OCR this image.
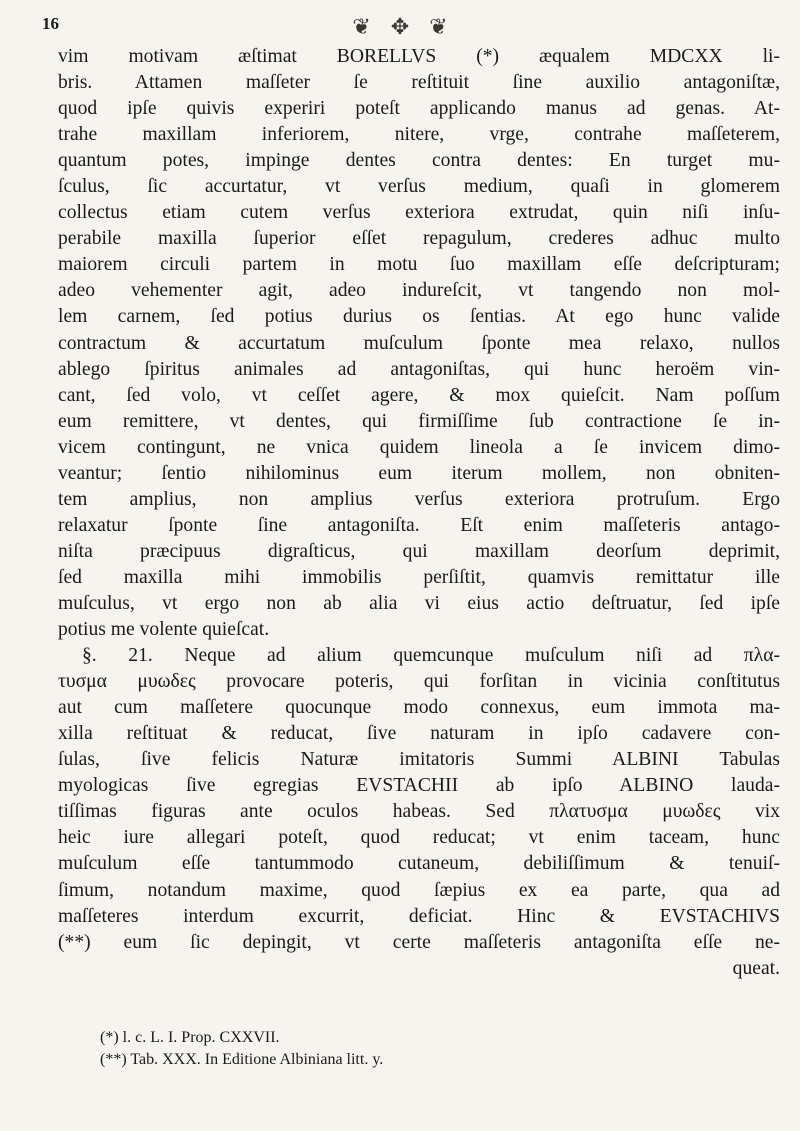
16	❦ ✥ ❦
vim motivam æſtimat BORELLVS (*) æqualem MDCXX li-
bris. Attamen maſſeter ſe reſtituit ſine auxilio antagoniſtæ,
quod ipſe quivis experiri poteſt applicando manus ad genas. At-
trahe maxillam inferiorem, nitere, vrge, contrahe maſſeterem,
quantum potes, impinge dentes contra dentes: En turget mu-
ſculus, ſic accurtatur, vt verſus medium, quaſi in glomerem
collectus etiam cutem verſus exteriora extrudat, quin niſi inſu-
perabile maxilla ſuperior eſſet repagulum, crederes adhuc multo
maiorem circuli partem in motu ſuo maxillam eſſe deſcripturam;
adeo vehementer agit, adeo indureſcit, vt tangendo non mol-
lem carnem, ſed potius durius os ſentias. At ego hunc valide
contractum & accurtatum muſculum ſponte mea relaxo, nullos
ablego ſpiritus animales ad antagoniſtas, qui hunc heroëm vin-
cant, ſed volo, vt ceſſet agere, & mox quieſcit. Nam poſſum
eum remittere, vt dentes, qui firmiſſime ſub contractione ſe in-
vicem contingunt, ne vnica quidem lineola a ſe invicem dimo-
veantur; ſentio nihilominus eum iterum mollem, non obniten-
tem amplius, non amplius verſus exteriora protruſum. Ergo
relaxatur ſponte ſine antagoniſta. Eſt enim maſſeteris antago-
niſta præcipuus digraſticus, qui maxillam deorſum deprimit,
ſed maxilla mihi immobilis perſiſtit, quamvis remittatur ille
muſculus, vt ergo non ab alia vi eius actio deſtruatur, ſed ipſe
potius me volente quieſcat.
§. 21. Neque ad alium quemcunque muſculum niſi ad πλα-
τυσμα μυωδες provocare poteris, qui forſitan in vicinia conſtitutus
aut cum maſſetere quocunque modo connexus, eum immota ma-
xilla reſtituat & reducat, ſive naturam in ipſo cadavere con-
ſulas, ſive felicis Naturæ imitatoris Summi ALBINI Tabulas
myologicas ſive egregias EVSTACHII ab ipſo ALBINO lauda-
tiſſimas figuras ante oculos habeas. Sed πλατυσμα μυωδες vix
heic iure allegari poteſt, quod reducat; vt enim taceam, hunc
muſculum eſſe tantummodo cutaneum, debiliſſimum & tenuiſ-
ſimum, notandum maxime, quod ſæpius ex ea parte, qua ad
maſſeteres interdum excurrit, deficiat. Hinc & EVSTACHIVS
(**) eum ſic depingit, vt certe maſſeteris antagoniſta eſſe ne-
queat.
(*) l. c. L. I. Prop. CXXVII.
(**) Tab. XXX. In Editione Albiniana litt. y.
